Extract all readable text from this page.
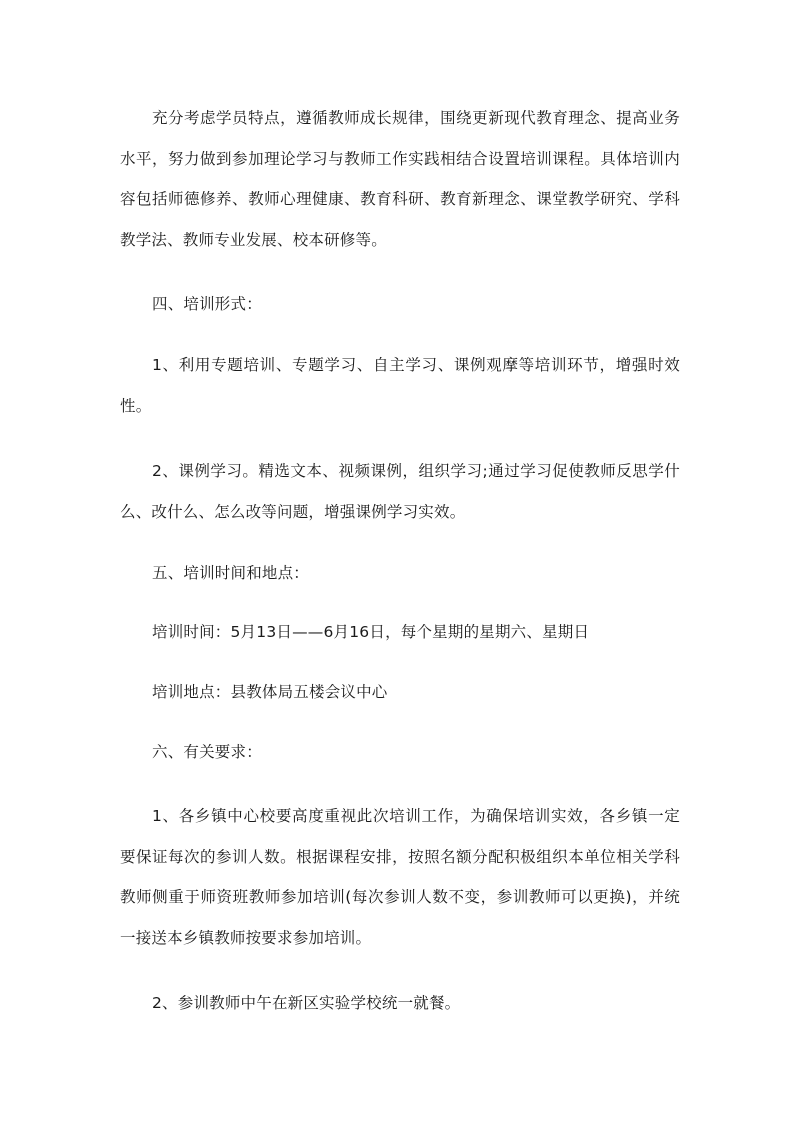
充分考虑学员特点，遵循教师成长规律，围绕更新现代教育理念、提高业务水平，努力做到参加理论学习与教师工作实践相结合设置培训课程。具体培训内容包括师德修养、教师心理健康、教育科研、教育新理念、课堂教学研究、学科教学法、教师专业发展、校本研修等。

四、培训形式：

1、利用专题培训、专题学习、自主学习、课例观摩等培训环节，增强时效性。

2、课例学习。精选文本、视频课例，组织学习;通过学习促使教师反思学什么、改什么、怎么改等问题，增强课例学习实效。

五、培训时间和地点：

培训时间：5月13日——6月16日，每个星期的星期六、星期日

培训地点：县教体局五楼会议中心

六、有关要求：

1、各乡镇中心校要高度重视此次培训工作，为确保培训实效，各乡镇一定要保证每次的参训人数。根据课程安排，按照名额分配积极组织本单位相关学科教师侧重于师资班教师参加培训(每次参训人数不变，参训教师可以更换)，并统一接送本乡镇教师按要求参加培训。

2、参训教师中午在新区实验学校统一就餐。
